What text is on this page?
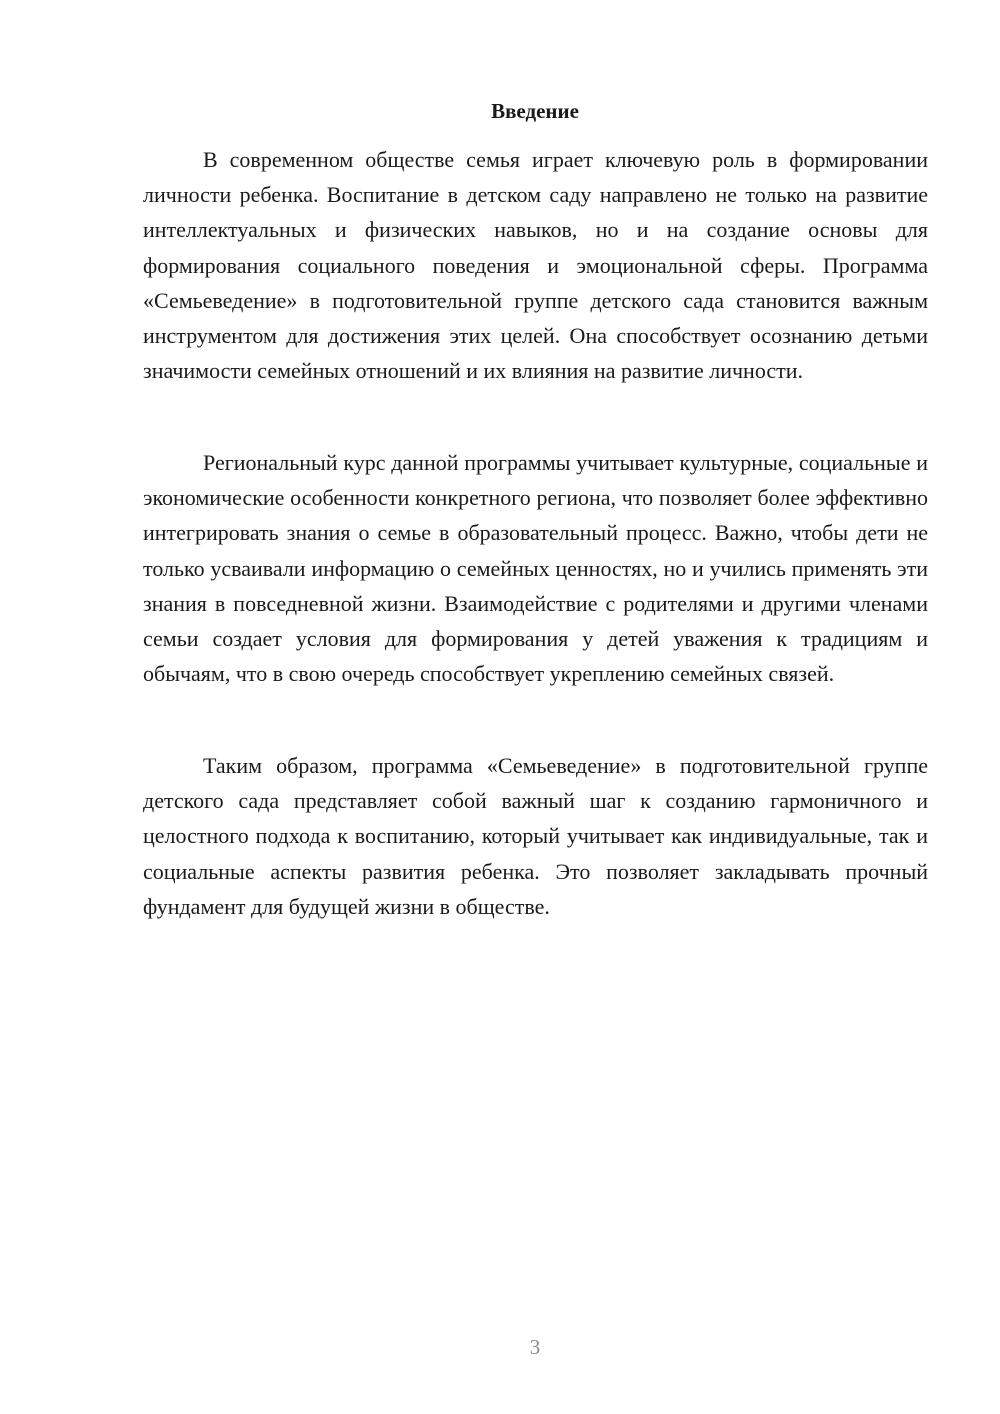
Введение

В современном обществе семья играет ключевую роль в формировании личности ребенка. Воспитание в детском саду направлено не только на развитие интеллектуальных и физических навыков, но и на создание основы для формирования социального поведения и эмоциональной сферы. Программа «Семьеведение» в подготовительной группе детского сада становится важным инструментом для достижения этих целей. Она способствует осознанию детьми значимости семейных отношений и их влияния на развитие личности.

Региональный курс данной программы учитывает культурные, социальные и экономические особенности конкретного региона, что позволяет более эффективно интегрировать знания о семье в образовательный процесс. Важно, чтобы дети не только усваивали информацию о семейных ценностях, но и учились применять эти знания в повседневной жизни. Взаимодействие с родителями и другими членами семьи создает условия для формирования у детей уважения к традициям и обычаям, что в свою очередь способствует укреплению семейных связей.

Таким образом, программа «Семьеведение» в подготовительной группе детского сада представляет собой важный шаг к созданию гармоничного и целостного подхода к воспитанию, который учитывает как индивидуальные, так и социальные аспекты развития ребенка. Это позволяет закладывать прочный фундамент для будущей жизни в обществе.

3
